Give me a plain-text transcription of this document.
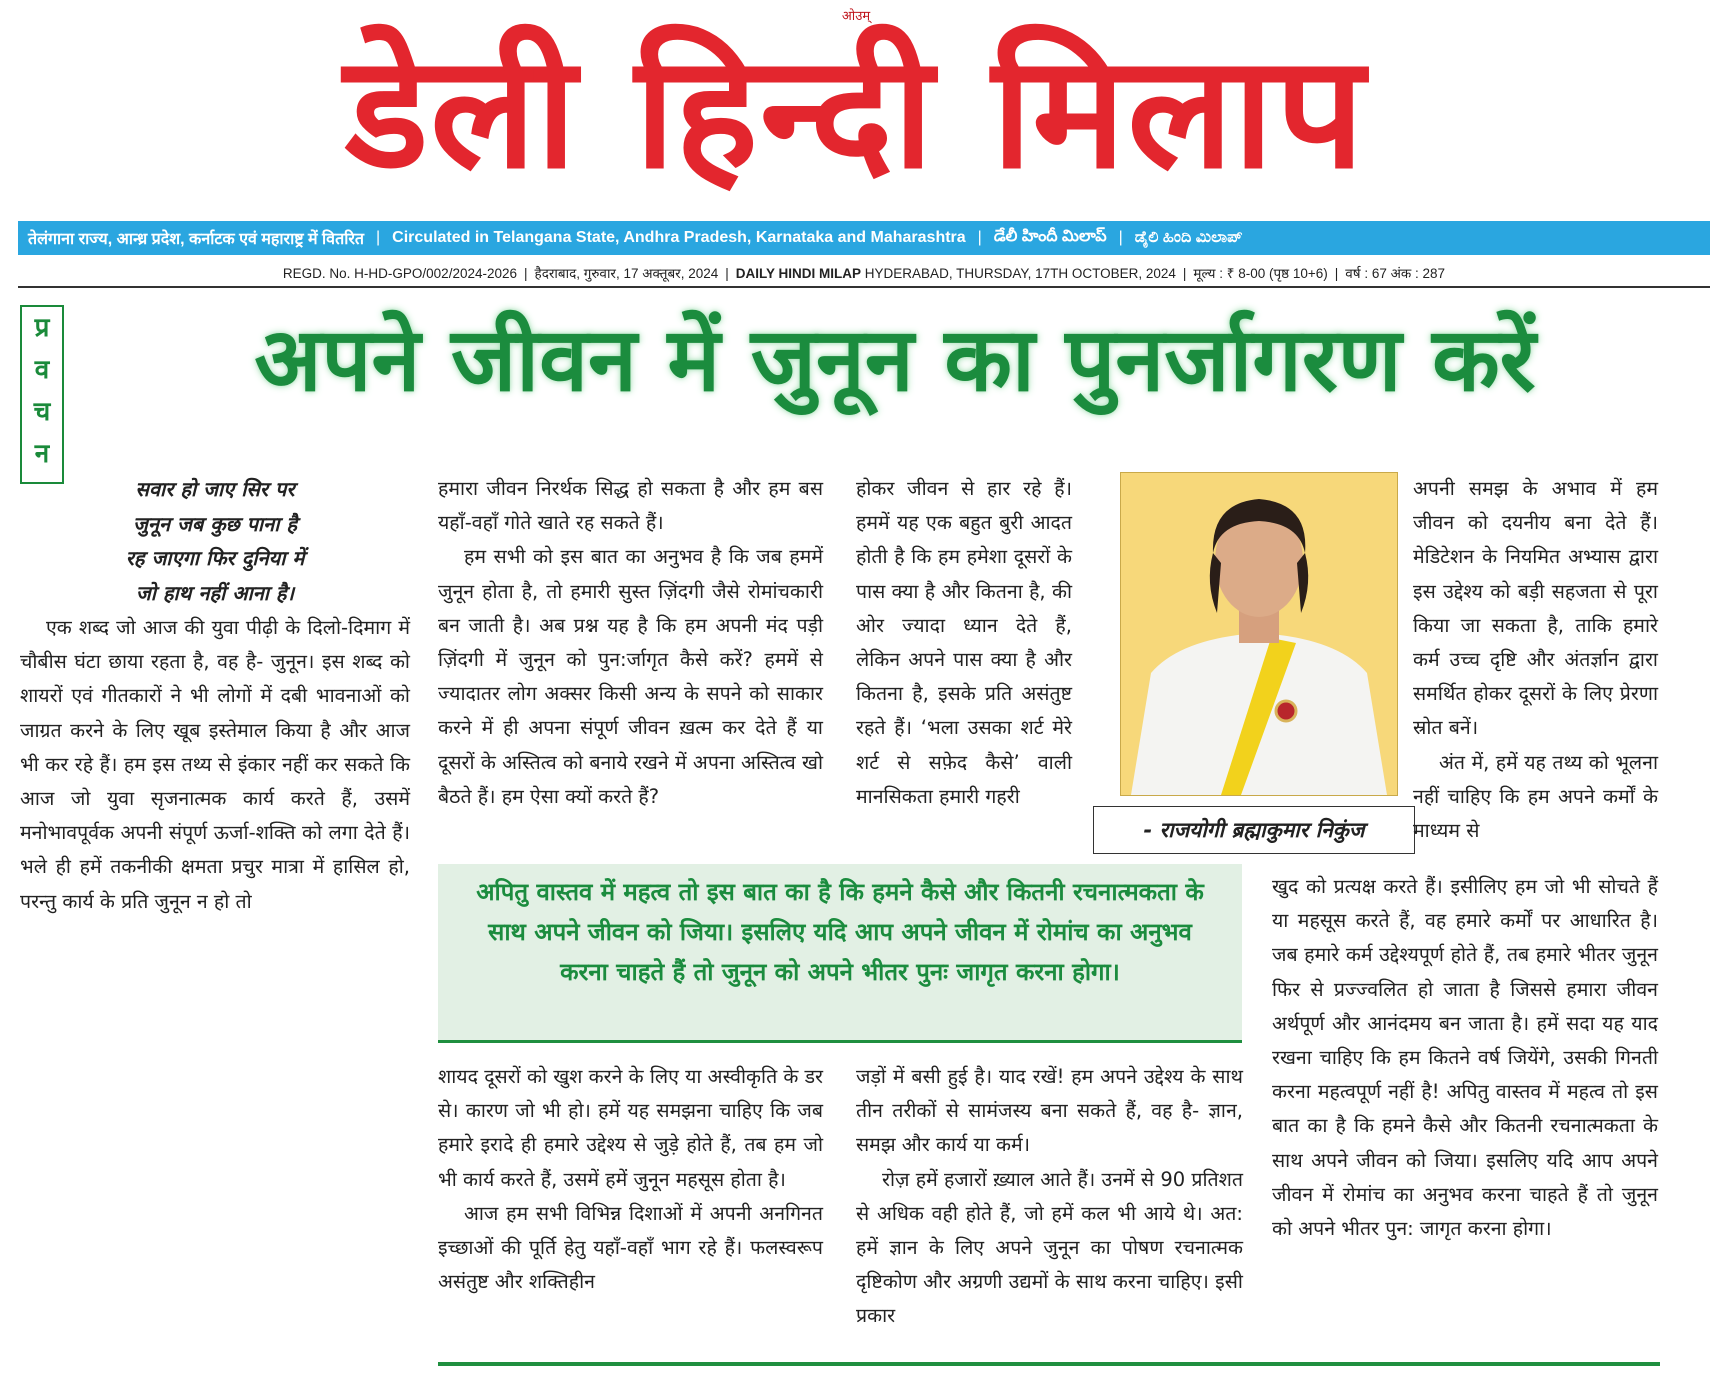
ओउम्
डेली हिन्दी मिलाप
तेलंगाना राज्य, आन्ध्र प्रदेश, कर्नाटक एवं महाराष्ट्र में वितरित | Circulated in Telangana State, Andhra Pradesh, Karnataka and Maharashtra | డేలీ హిందీ మిలాప్ | ಡೈಲಿ ಹಿಂದಿ ಮಿಲಾಪ್
REGD. No. H-HD-GPO/002/2024-2026 | हैदराबाद, गुरुवार, 17 अक्तूबर, 2024 | DAILY HINDI MILAP HYDERABAD, THURSDAY, 17TH OCTOBER, 2024 | मूल्य : ₹ 8-00 (पृष्ठ 10+6) | वर्ष : 67 अंक : 287
प्र
व
च
न
अपने जीवन में जुनून का पुनर्जागरण करें
सवार हो जाए सिर पर
जुनून जब कुछ पाना है
रह जाएगा फिर दुनिया में
जो हाथ नहीं आना है।

एक शब्द जो आज की युवा पीढ़ी के दिलो-दिमाग में चौबीस घंटा छाया रहता है, वह है- जुनून। इस शब्द को शायरों एवं गीतकारों ने भी लोगों में दबी भावनाओं को जाग्रत करने के लिए खूब इस्तेमाल किया है और आज भी कर रहे हैं। हम इस तथ्य से इंकार नहीं कर सकते कि आज जो युवा सृजनात्मक कार्य करते हैं, उसमें मनोभावपूर्वक अपनी संपूर्ण ऊर्जा-शक्ति को लगा देते हैं। भले ही हमें तकनीकी क्षमता प्रचुर मात्रा में हासिल हो, परन्तु कार्य के प्रति जुनून न हो तो

हमारा जीवन निरर्थक सिद्ध हो सकता है और हम बस यहाँ-वहाँ गोते खाते रह सकते हैं।

हम सभी को इस बात का अनुभव है कि जब हममें जुनून होता है, तो हमारी सुस्त ज़िंदगी जैसे रोमांचकारी बन जाती है। अब प्रश्न यह है कि हम अपनी मंद पड़ी ज़िंदगी में जुनून को पुन:र्जागृत कैसे करें? हममें से ज्यादातर लोग अक्सर किसी अन्य के सपने को साकार करने में ही अपना संपूर्ण जीवन ख़त्म कर देते हैं या दूसरों के अस्तित्व को बनाये रखने में अपना अस्तित्व खो बैठते हैं। हम ऐसा क्यों करते हैं?

होकर जीवन से हार रहे हैं। हममें यह एक बहुत बुरी आदत होती है कि हम हमेशा दूसरों के पास क्या है और कितना है, की ओर ज्यादा ध्यान देते हैं, लेकिन अपने पास क्या है और कितना है, इसके प्रति असंतुष्ट रहते हैं। ‘भला उसका शर्ट मेरे शर्ट से सफ़ेद कैसे’ वाली मानसिकता हमारी गहरी

- राजयोगी ब्रह्माकुमार निकुंज

अपनी समझ के अभाव में हम जीवन को दयनीय बना देते हैं। मेडिटेशन के नियमित अभ्यास द्वारा इस उद्देश्य को बड़ी सहजता से पूरा किया जा सकता है, ताकि हमारे कर्म उच्च दृष्टि और अंतर्ज्ञान द्वारा समर्थित होकर दूसरों के लिए प्रेरणा स्रोत बनें।

अंत में, हमें यह तथ्य को भूलना नहीं चाहिए कि हम अपने कर्मों के माध्यम से

अपितु वास्तव में महत्व तो इस बात का है कि हमने कैसे और कितनी रचनात्मकता के साथ अपने जीवन को जिया। इसलिए यदि आप अपने जीवन में रोमांच का अनुभव करना चाहते हैं तो जुनून को अपने भीतर पुनः जागृत करना होगा।

शायद दूसरों को खुश करने के लिए या अस्वीकृति के डर से। कारण जो भी हो। हमें यह समझना चाहिए कि जब हमारे इरादे ही हमारे उद्देश्य से जुड़े होते हैं, तब हम जो भी कार्य करते हैं, उसमें हमें जुनून महसूस होता है।

आज हम सभी विभिन्न दिशाओं में अपनी अनगिनत इच्छाओं की पूर्ति हेतु यहाँ-वहाँ भाग रहे हैं। फलस्वरूप असंतुष्ट और शक्तिहीन

जड़ों में बसी हुई है। याद रखें! हम अपने उद्देश्य के साथ तीन तरीकों से सामंजस्य बना सकते हैं, वह है- ज्ञान, समझ और कार्य या कर्म।

रोज़ हमें हजारों ख़्याल आते हैं। उनमें से 90 प्रतिशत से अधिक वही होते हैं, जो हमें कल भी आये थे। अत: हमें ज्ञान के लिए अपने जुनून का पोषण रचनात्मक दृष्टिकोण और अग्रणी उद्यमों के साथ करना चाहिए। इसी प्रकार

खुद को प्रत्यक्ष करते हैं। इसीलिए हम जो भी सोचते हैं या महसूस करते हैं, वह हमारे कर्मों पर आधारित है। जब हमारे कर्म उद्देश्यपूर्ण होते हैं, तब हमारे भीतर जुनून फिर से प्रज्ज्वलित हो जाता है जिससे हमारा जीवन अर्थपूर्ण और आनंदमय बन जाता है। हमें सदा यह याद रखना चाहिए कि हम कितने वर्ष जियेंगे, उसकी गिनती करना महत्वपूर्ण नहीं है! अपितु वास्तव में महत्व तो इस बात का है कि हमने कैसे और कितनी रचनात्मकता के साथ अपने जीवन को जिया। इसलिए यदि आप अपने जीवन में रोमांच का अनुभव करना चाहते हैं तो जुनून को अपने भीतर पुन: जागृत करना होगा।
